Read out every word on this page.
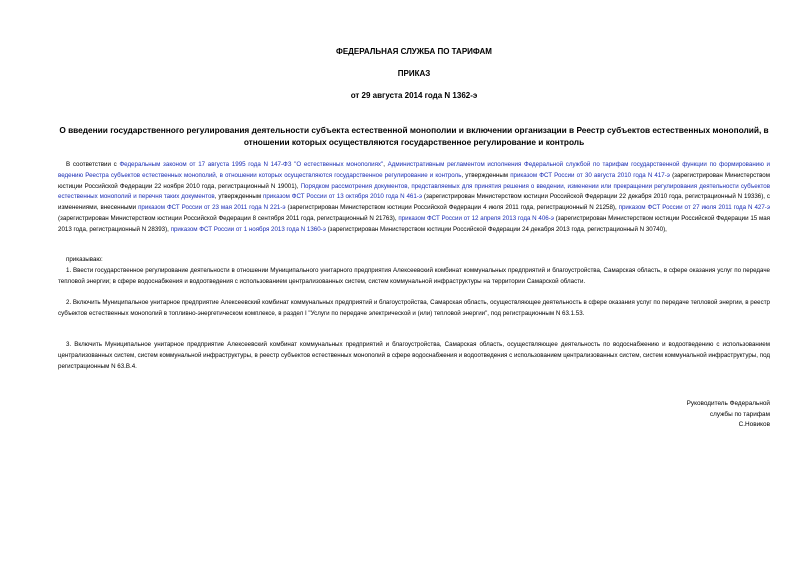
ФЕДЕРАЛЬНАЯ СЛУЖБА ПО ТАРИФАМ
ПРИКАЗ
от 29 августа 2014 года N 1362-э
О введении государственного регулирования деятельности субъекта естественной монополии и включении организации в Реестр субъектов естественных монополий, в отношении которых осуществляются государственное регулирование и контроль

В соответствии с Федеральным законом от 17 августа 1995 года N 147-ФЗ "О естественных монополиях", Административным регламентом исполнения Федеральной службой по тарифам государственной функции по формированию и ведению Реестра субъектов естественных монополий, в отношении которых осуществляются государственное регулирование и контроль, утвержденным приказом ФСТ России от 30 августа 2010 года N 417-э (зарегистрирован Министерством юстиции Российской Федерации 22 ноября 2010 года, регистрационный N 19001), Порядком рассмотрения документов, представляемых для принятия решения о введении, изменении или прекращении регулирования деятельности субъектов естественных монополий и перечня таких документов, утвержденным приказом ФСТ России от 13 октября 2010 года N 461-э (зарегистрирован Министерством юстиции Российской Федерации 22 декабря 2010 года, регистрационный N 19336), с изменениями, внесенными приказом ФСТ России от 23 мая 2011 года N 221-э (зарегистрирован Министерством юстиции Российской Федерации 4 июля 2011 года, регистрационный N 21258), приказом ФСТ России от 27 июля 2011 года N 427-э (зарегистрирован Министерством юстиции Российской Федерации 8 сентября 2011 года, регистрационный N 21763), приказом ФСТ России от 12 апреля 2013 года N 406-э (зарегистрирован Министерством юстиции Российской Федерации 15 мая 2013 года, регистрационный N 28393), приказом ФСТ России от 1 ноября 2013 года N 1360-э (зарегистрирован Министерством юстиции Российской Федерации 24 декабря 2013 года, регистрационный N 30740),

приказываю:

1. Ввести государственное регулирование деятельности в отношении Муниципального унитарного предприятия Алексеевский комбинат коммунальных предприятий и благоустройства, Самарская область, в сфере оказания услуг по передаче тепловой энергии; в сфере водоснабжения и водоотведения с использованием централизованных систем, систем коммунальной инфраструктуры на территории Самарской области.

2. Включить Муниципальное унитарное предприятие Алексеевский комбинат коммунальных предприятий и благоустройства, Самарская область, осуществляющее деятельность в сфере оказания услуг по передаче тепловой энергии, в реестр субъектов естественных монополий в топливно-энергетическом комплексе, в раздел I "Услуги по передаче электрической и (или) тепловой энергии", под регистрационным N 63.1.53.

3. Включить Муниципальное унитарное предприятие Алексеевский комбинат коммунальных предприятий и благоустройства, Самарская область, осуществляющее деятельность по водоснабжению и водоотведению с использованием централизованных систем, систем коммунальной инфраструктуры, в реестр субъектов естественных монополий в сфере водоснабжения и водоотведения с использованием централизованных систем, систем коммунальной инфраструктуры, под регистрационным N 63.В.4.

Руководитель Федеральной
службы по тарифам
С.Новиков
